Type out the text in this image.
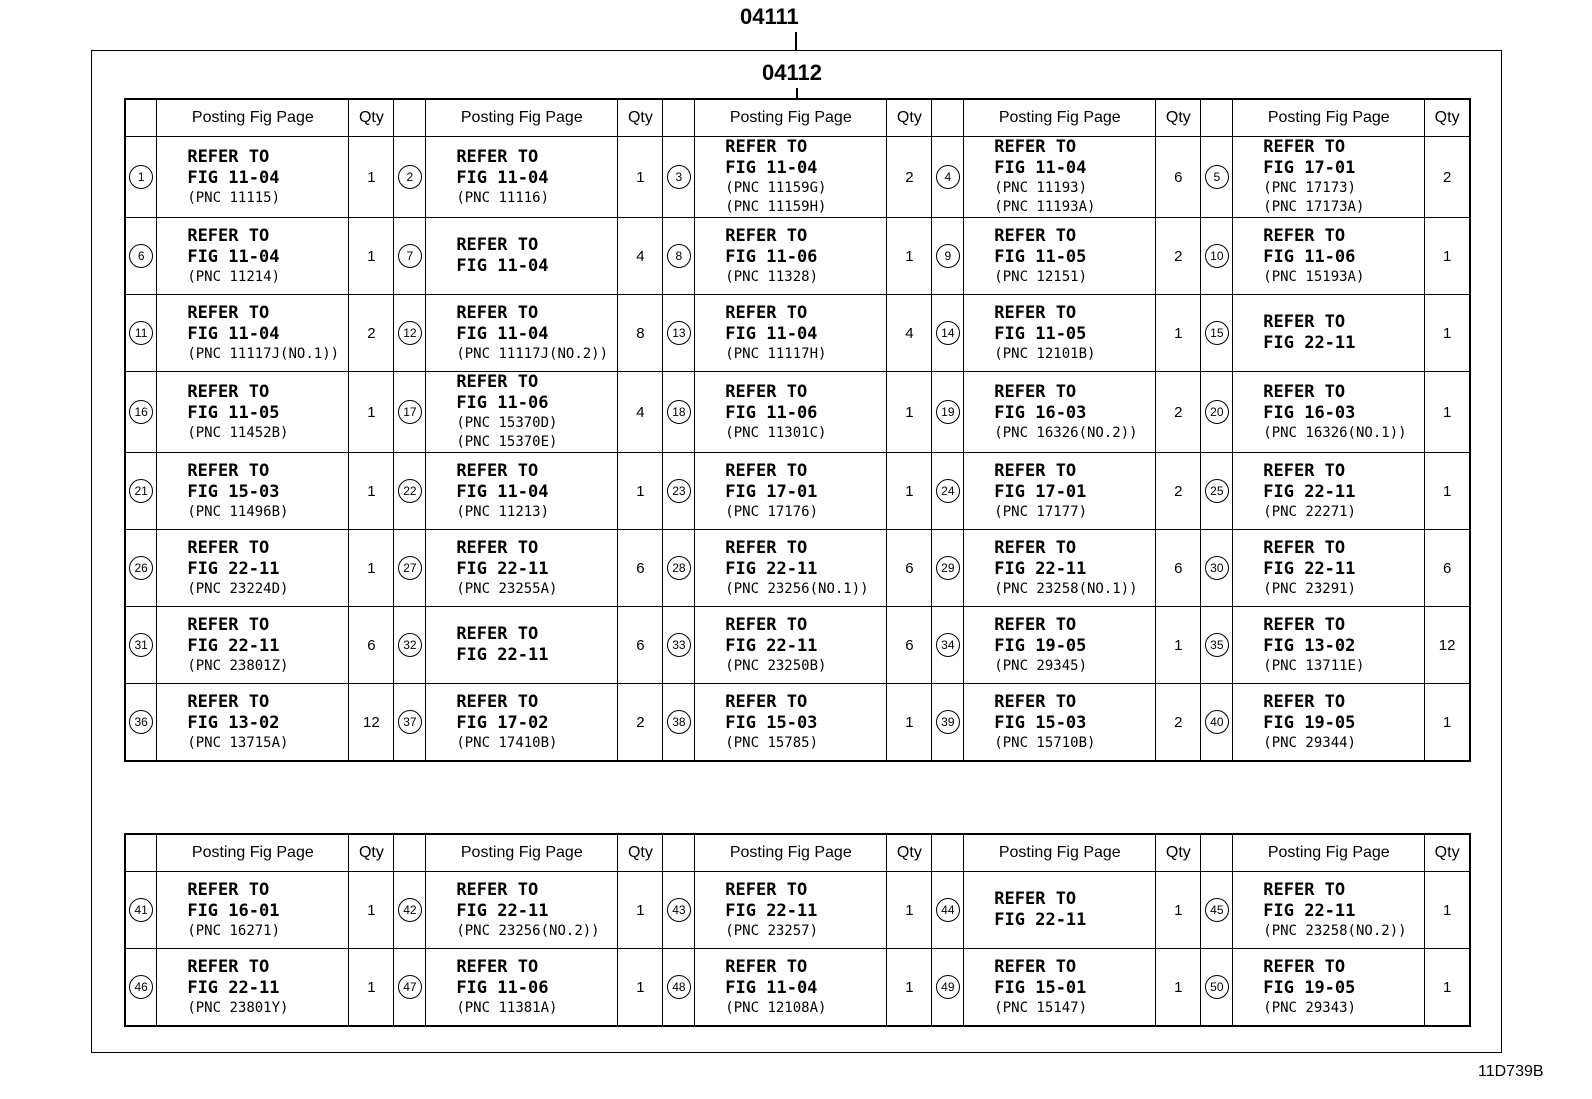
04111
04112
	Posting Fig Page	Qty		Posting Fig Page	Qty		Posting Fig Page	Qty		Posting Fig Page	Qty		Posting Fig Page	Qty
1	REFER TO
FIG 11-04
(PNC 11115)	1	2	REFER TO
FIG 11-04
(PNC 11116)	1	3	REFER TO
FIG 11-04
(PNC 11159G)
(PNC 11159H)	2	4	REFER TO
FIG 11-04
(PNC 11193)
(PNC 11193A)	6	5	REFER TO
FIG 17-01
(PNC 17173)
(PNC 17173A)	2
6	REFER TO
FIG 11-04
(PNC 11214)	1	7	REFER TO
FIG 11-04	4	8	REFER TO
FIG 11-06
(PNC 11328)	1	9	REFER TO
FIG 11-05
(PNC 12151)	2	10	REFER TO
FIG 11-06
(PNC 15193A)	1
11	REFER TO
FIG 11-04
(PNC 11117J(NO.1))	2	12	REFER TO
FIG 11-04
(PNC 11117J(NO.2))	8	13	REFER TO
FIG 11-04
(PNC 11117H)	4	14	REFER TO
FIG 11-05
(PNC 12101B)	1	15	REFER TO
FIG 22-11	1
16	REFER TO
FIG 11-05
(PNC 11452B)	1	17	REFER TO
FIG 11-06
(PNC 15370D)
(PNC 15370E)	4	18	REFER TO
FIG 11-06
(PNC 11301C)	1	19	REFER TO
FIG 16-03
(PNC 16326(NO.2))	2	20	REFER TO
FIG 16-03
(PNC 16326(NO.1))	1
21	REFER TO
FIG 15-03
(PNC 11496B)	1	22	REFER TO
FIG 11-04
(PNC 11213)	1	23	REFER TO
FIG 17-01
(PNC 17176)	1	24	REFER TO
FIG 17-01
(PNC 17177)	2	25	REFER TO
FIG 22-11
(PNC 22271)	1
26	REFER TO
FIG 22-11
(PNC 23224D)	1	27	REFER TO
FIG 22-11
(PNC 23255A)	6	28	REFER TO
FIG 22-11
(PNC 23256(NO.1))	6	29	REFER TO
FIG 22-11
(PNC 23258(NO.1))	6	30	REFER TO
FIG 22-11
(PNC 23291)	6
31	REFER TO
FIG 22-11
(PNC 23801Z)	6	32	REFER TO
FIG 22-11	6	33	REFER TO
FIG 22-11
(PNC 23250B)	6	34	REFER TO
FIG 19-05
(PNC 29345)	1	35	REFER TO
FIG 13-02
(PNC 13711E)	12
36	REFER TO
FIG 13-02
(PNC 13715A)	12	37	REFER TO
FIG 17-02
(PNC 17410B)	2	38	REFER TO
FIG 15-03
(PNC 15785)	1	39	REFER TO
FIG 15-03
(PNC 15710B)	2	40	REFER TO
FIG 19-05
(PNC 29344)	1
	Posting Fig Page	Qty		Posting Fig Page	Qty		Posting Fig Page	Qty		Posting Fig Page	Qty		Posting Fig Page	Qty
41	REFER TO
FIG 16-01
(PNC 16271)	1	42	REFER TO
FIG 22-11
(PNC 23256(NO.2))	1	43	REFER TO
FIG 22-11
(PNC 23257)	1	44	REFER TO
FIG 22-11	1	45	REFER TO
FIG 22-11
(PNC 23258(NO.2))	1
46	REFER TO
FIG 22-11
(PNC 23801Y)	1	47	REFER TO
FIG 11-06
(PNC 11381A)	1	48	REFER TO
FIG 11-04
(PNC 12108A)	1	49	REFER TO
FIG 15-01
(PNC 15147)	1	50	REFER TO
FIG 19-05
(PNC 29343)	1
11D739B
